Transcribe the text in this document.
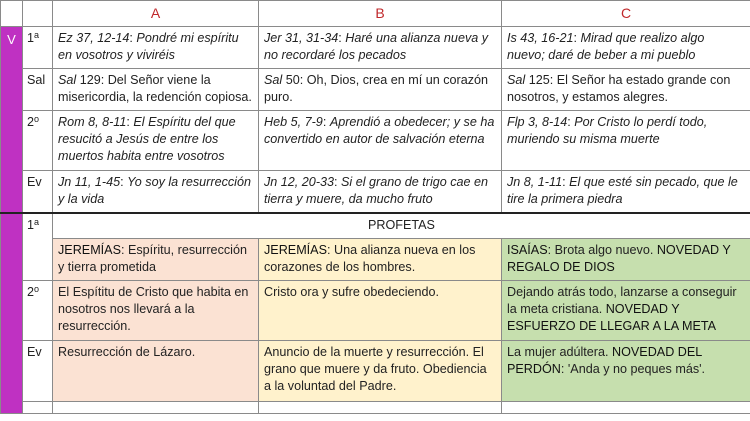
		A	B	C
V	1$^a$	Ez 37, 12-14: Pondré mi espíritu en vosotros y viviréis	Jer 31, 31-34: Haré una alianza nueva y no recordaré los pecados	Is 43, 16-21: Mirad que realizo algo nuevo; daré de beber a mi pueblo
	Sal	Sal 129: Del Señor viene la misericordia, la redención copiosa.	Sal 50: Oh, Dios, crea en mí un corazón puro.	Sal 125: El Señor ha estado grande con nosotros, y estamos alegres.
	2$^o$	Rom 8, 8-11: El Espíritu del que resucitó a Jesús de entre los muertos habita entre vosotros	Heb 5, 7-9: Aprendió a obedecer; y se ha convertido en autor de salvación eterna	Flp 3, 8-14: Por Cristo lo perdí todo, muriendo su misma muerte
	Ev	Jn 11, 1-45: Yo soy la resurrección y la vida	Jn 12, 20-33: Si el grano de trigo cae en tierra y muere, da mucho fruto	Jn 8, 1-11: El que esté sin pecado, que le tire la primera piedra
	1$^a$	PROFETAS		
		JEREMÍAS: Espíritu, resurrección y tierra prometida	JEREMÍAS: Una alianza nueva en los corazones de los hombres.	ISAÍAS: Brota algo nuevo. NOVEDAD Y REGALO DE DIOS
	2$^o$	El Espítitu de Cristo que habita en nosotros nos llevará a la resurrección.	Cristo ora y sufre obedeciendo.	Dejando atrás todo, lanzarse a conseguir la meta cristiana. NOVEDAD Y ESFUERZO DE LLEGAR A LA META
	Ev	Resurrección de Lázaro.	Anuncio de la muerte y resurrección. El grano que muere y da fruto. Obediencia a la voluntad del Padre.	La mujer adúltera. NOVEDAD DEL PERDÓN: 'Anda y no peques más'.
